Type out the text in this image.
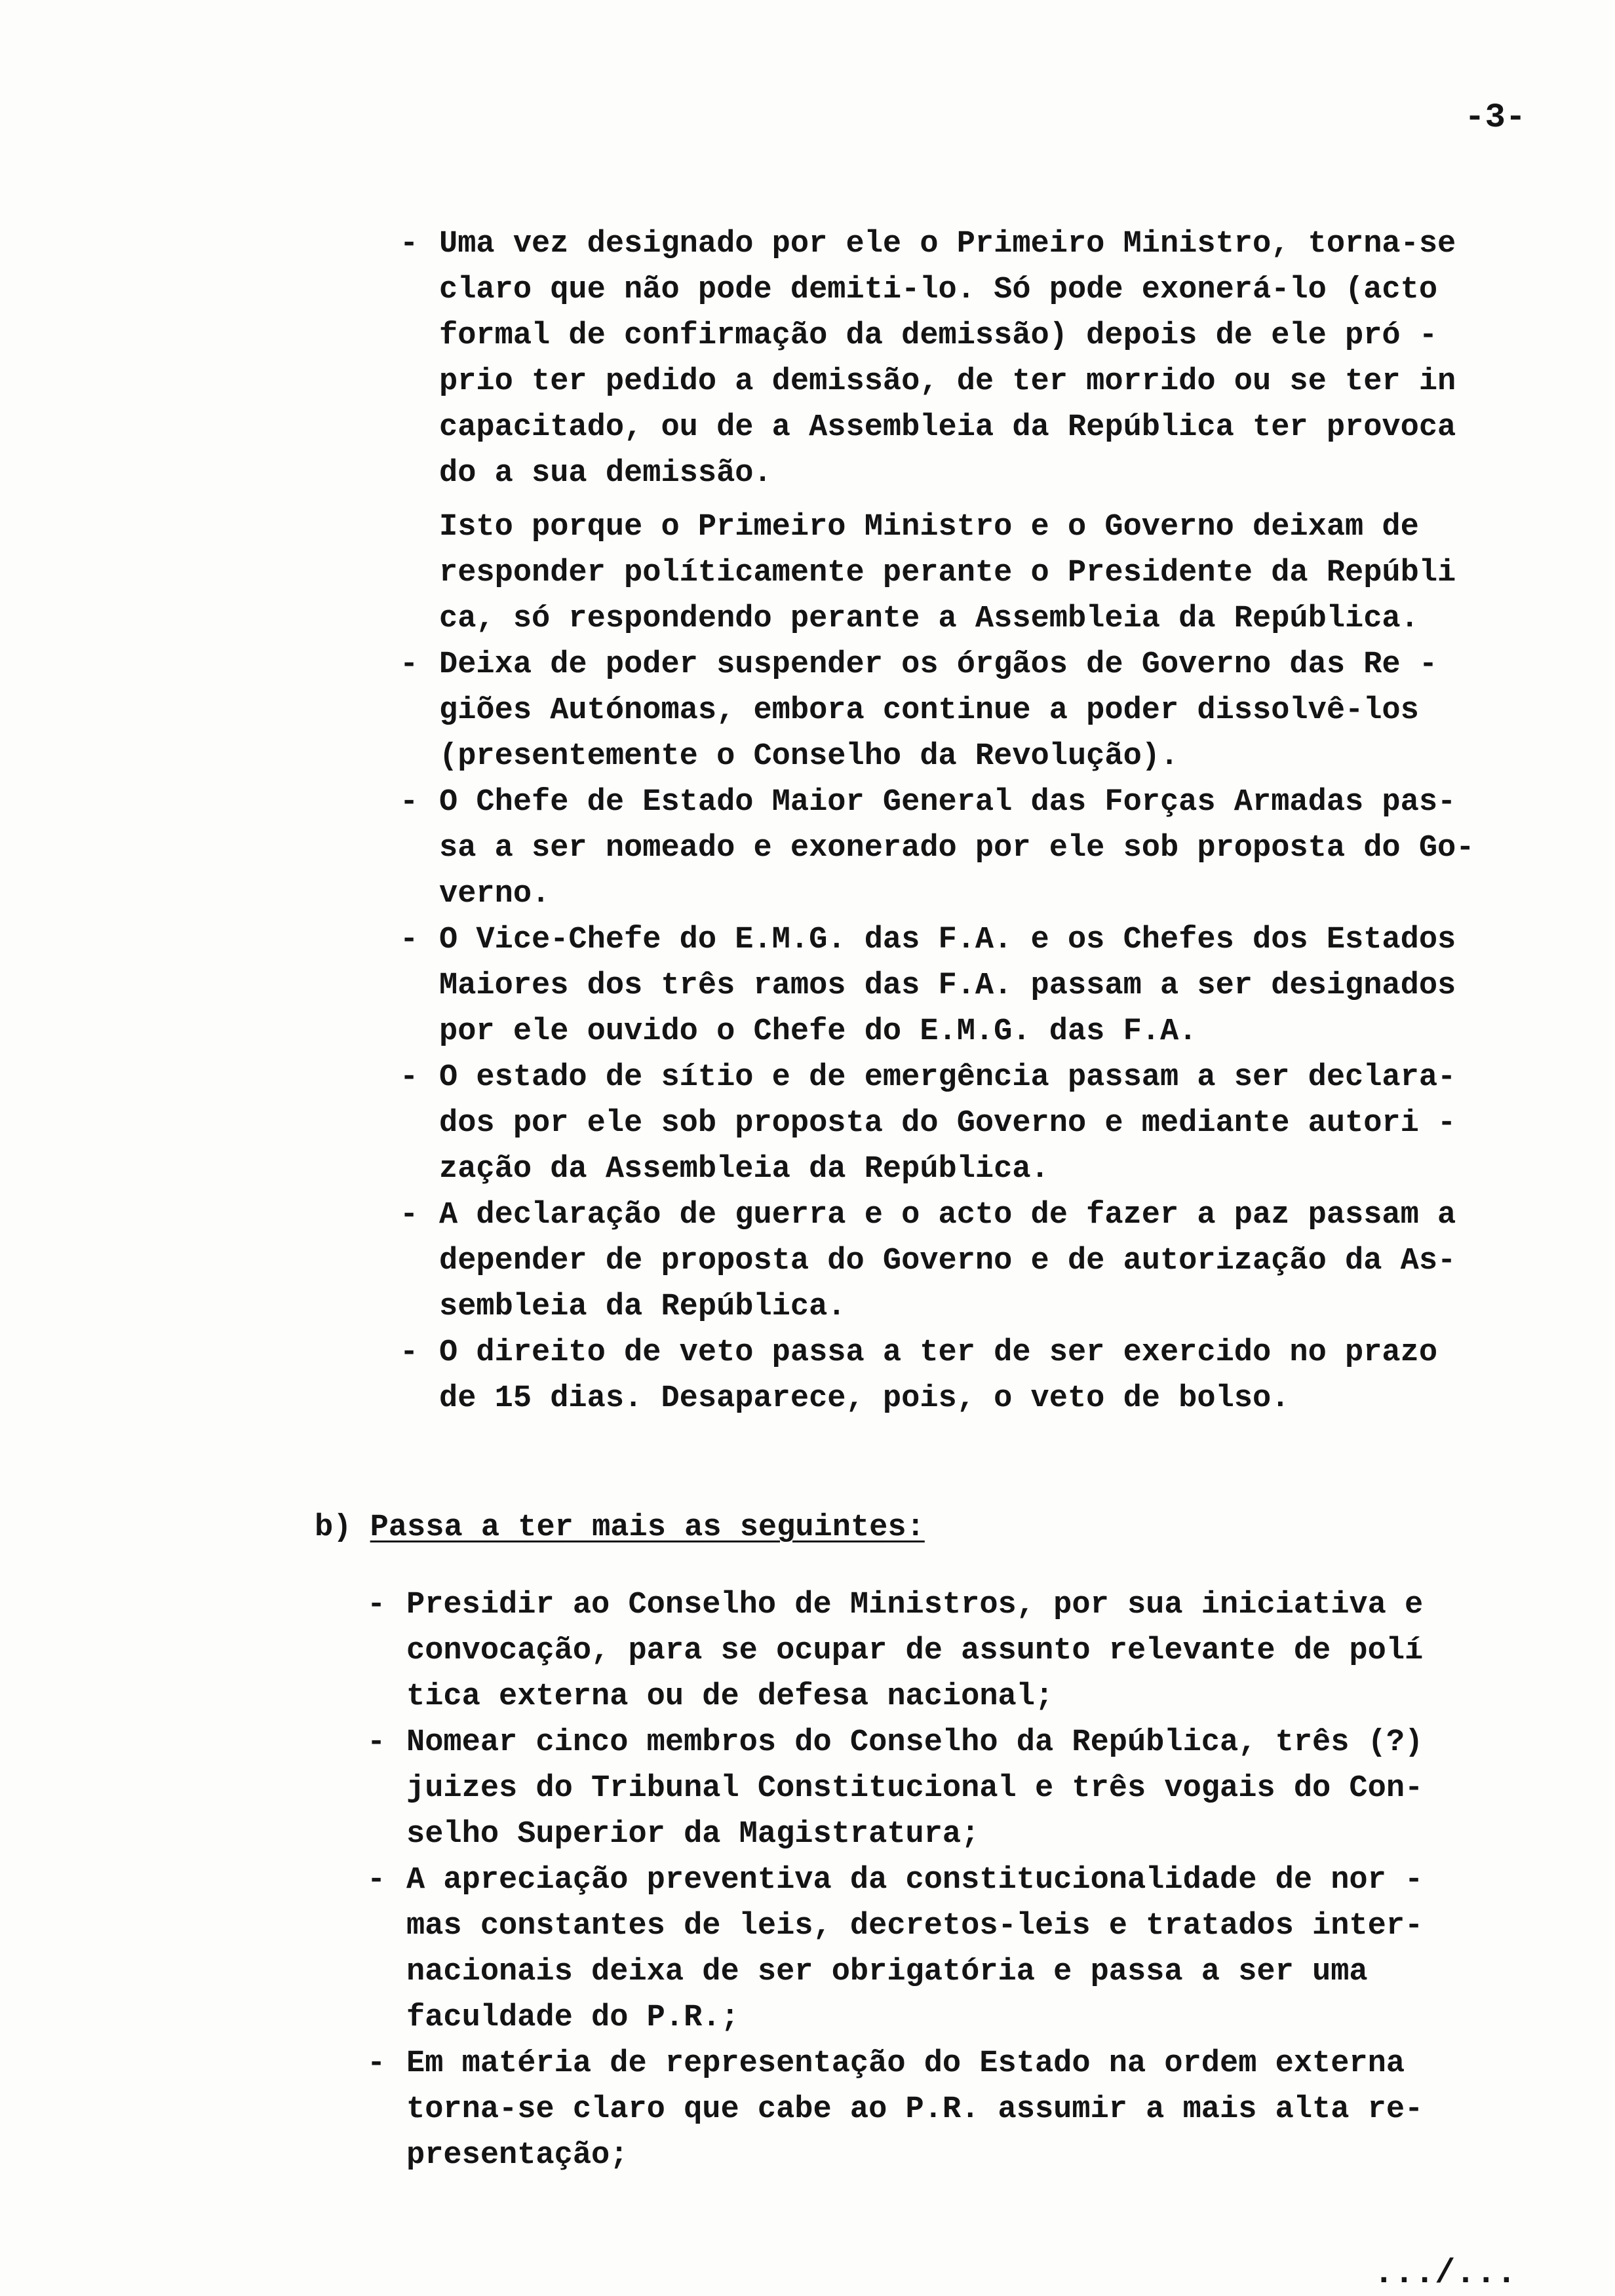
-3-
- Uma vez designado por ele o Primeiro Ministro, torna-se
claro que não pode demiti-lo. Só pode exonerá-lo (acto
formal de confirmação da demissão) depois de ele pró -
prio ter pedido a demissão, de ter morrido ou se ter in
capacitado, ou de a Assembleia da República ter provoca
do a sua demissão.
Isto porque o Primeiro Ministro e o Governo deixam de
responder políticamente perante o Presidente da Repúbli
ca, só respondendo perante a Assembleia da República.
- Deixa de poder suspender os órgãos de Governo das Re -
giões Autónomas, embora continue a poder dissolvê-los
(presentemente o Conselho da Revolução).
- O Chefe de Estado Maior General das Forças Armadas pas-
sa a ser nomeado e exonerado por ele sob proposta do Go-
verno.
- O Vice-Chefe do E.M.G. das F.A. e os Chefes dos Estados
Maiores dos três ramos das F.A. passam a ser designados
por ele ouvido o Chefe do E.M.G. das F.A.
- O estado de sítio e de emergência passam a ser declara-
dos por ele sob proposta do Governo e mediante autori -
zação da Assembleia da República.
- A declaração de guerra e o acto de fazer a paz passam a
depender de proposta do Governo e de autorização da As-
sembleia da República.
- O direito de veto passa a ter de ser exercido no prazo
de 15 dias. Desaparece, pois, o veto de bolso.
b) Passa a ter mais as seguintes:
- Presidir ao Conselho de Ministros, por sua iniciativa e
convocação, para se ocupar de assunto relevante de polí
tica externa ou de defesa nacional;
- Nomear cinco membros do Conselho da República, três (?)
juizes do Tribunal Constitucional e três vogais do Con-
selho Superior da Magistratura;
- A apreciação preventiva da constitucionalidade de nor -
mas constantes de leis, decretos-leis e tratados inter-
nacionais deixa de ser obrigatória e passa a ser uma
faculdade do P.R.;
- Em matéria de representação do Estado na ordem externa
torna-se claro que cabe ao P.R. assumir a mais alta re-
presentação;
.../...
